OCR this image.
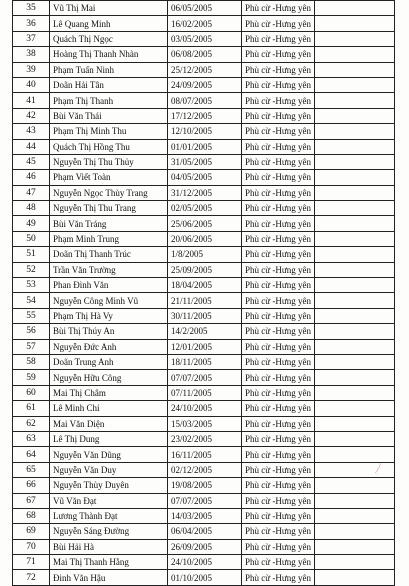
35	Vũ Thị Mai	06/05/2005	Phù cừ -Hưng yên	
36	Lê Quang Minh	16/02/2005	Phù cừ -Hưng yên	
37	Quách Thị Ngọc	03/05/2005	Phù cừ -Hưng yên	
38	Hoàng Thị Thanh Nhàn	06/08/2005	Phù cừ -Hưng yên	
39	Phạm Tuấn Ninh	25/12/2005	Phù cừ -Hưng yên	
40	Doãn Hải Tân	24/09/2005	Phù cừ -Hưng yên	
41	Phạm Thị Thanh	08/07/2005	Phù cừ -Hưng yên	
42	Bùi Văn Thái	17/12/2005	Phù cừ -Hưng yên	
43	Phạm Thị Minh Thu	12/10/2005	Phù cừ -Hưng yên	
44	Quách Thị Hồng Thu	01/01/2005	Phù cừ -Hưng yên	
45	Nguyễn Thị Thu Thủy	31/05/2005	Phù cừ -Hưng yên	
46	Phạm Viết Toàn	04/05/2005	Phù cừ -Hưng yên	
47	Nguyễn Ngọc Thùy Trang	31/12/2005	Phù cừ -Hưng yên	
48	Nguyễn Thị Thu Trang	02/05/2005	Phù cừ -Hưng yên	
49	Bùi Văn Tráng	25/06/2005	Phù cừ -Hưng yên	
50	Phạm Minh Trung	20/06/2005	Phù cừ -Hưng yên	
51	Doãn Thị Thanh Trúc	1/8/2005	Phù cừ -Hưng yên	
52	Trần Văn Trường	25/09/2005	Phù cừ -Hưng yên	
53	Phan Đình Văn	18/04/2005	Phù cừ -Hưng yên	
54	Nguyễn Công Minh Vũ	21/11/2005	Phù cừ -Hưng yên	
55	Phạm Thị Hà Vy	30/11/2005	Phù cừ -Hưng yên	
56	Bùi Thị Thúy An	14/2/2005	Phù cừ -Hưng yên	
57	Nguyễn Đức Anh	12/01/2005	Phù cừ -Hưng yên	
58	Doãn Trung Anh	18/11/2005	Phù cừ -Hưng yên	
59	Nguyễn Hữu Công	07/07/2005	Phù cừ -Hưng yên	
60	Mai Thị Châm	07/11/2005	Phù cừ -Hưng yên	
61	Lê Minh Chí	24/10/2005	Phù cừ -Hưng yên	
62	Mai Văn Diện	15/03/2005	Phù cừ -Hưng yên	
63	Lê Thị Dung	23/02/2005	Phù cừ -Hưng yên	
64	Nguyễn Văn Dũng	16/11/2005	Phù cừ -Hưng yên	
65	Nguyễn Văn Duy	02/12/2005	Phù cừ -Hưng yên	
66	Nguyễn Thùy Duyên	19/08/2005	Phù cừ -Hưng yên	
67	Vũ Văn Đạt	07/07/2005	Phù cừ -Hưng yên	
68	Lương Thành Đạt	14/03/2005	Phù cừ -Hưng yên	
69	Nguyễn Sáng Đường	06/04/2005	Phù cừ -Hưng yên	
70	Bùi Hải Hà	26/09/2005	Phù cừ -Hưng yên	
71	Mai Thị Thanh Hằng	24/10/2005	Phù cừ -Hưng yên	
72	Đinh Văn Hậu	01/10/2005	Phù cừ -Hưng yên	
~~~
